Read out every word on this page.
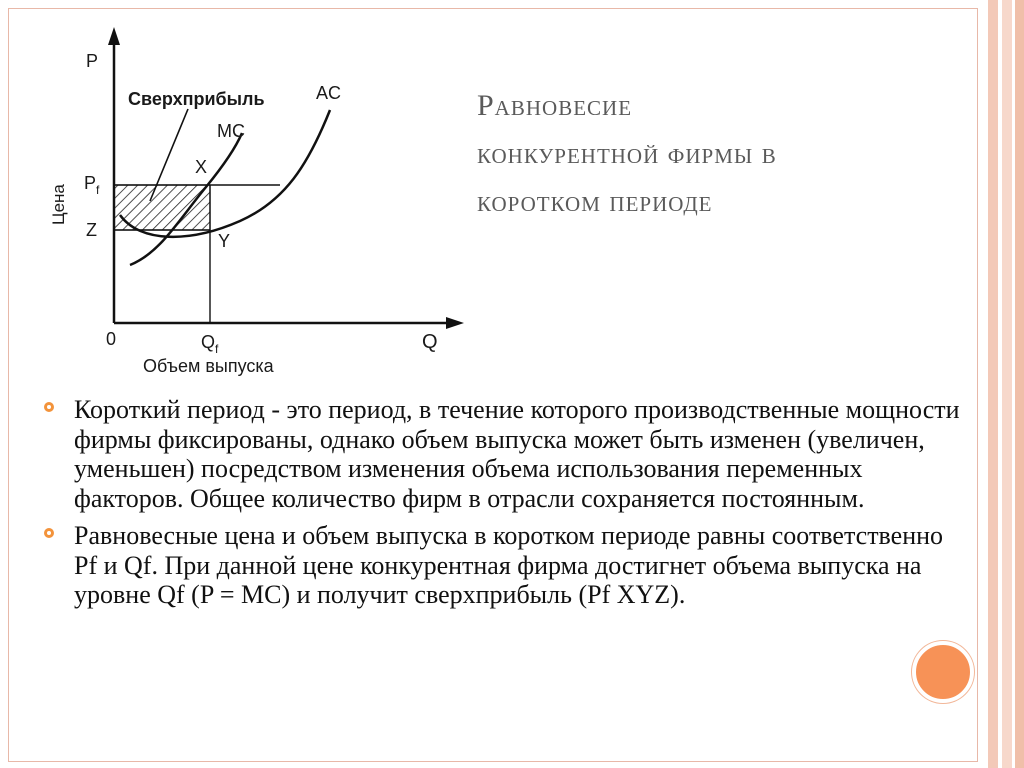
P
Цена
0	Q
Объем выпуска
Сверхприбыль	AC
MC
X
Y
$P_f$
Z
$Q_f$
Равновесие
конкурентной фирмы в
коротком периоде
Короткий период - это период, в течение которого производственные мощности фирмы фиксированы, однако объем выпуска может быть изменен (увеличен, уменьшен) посредством изменения объема использования переменных факторов. Общее количество фирм в отрасли сохраняется постоянным.
Равновесные цена и объем выпуска в коротком периоде равны соответственно Pf и Qf. При данной цене конкурентная фирма достигнет объема выпуска на уровне Qf (P = MC) и получит сверхприбыль (Pf XYZ).
